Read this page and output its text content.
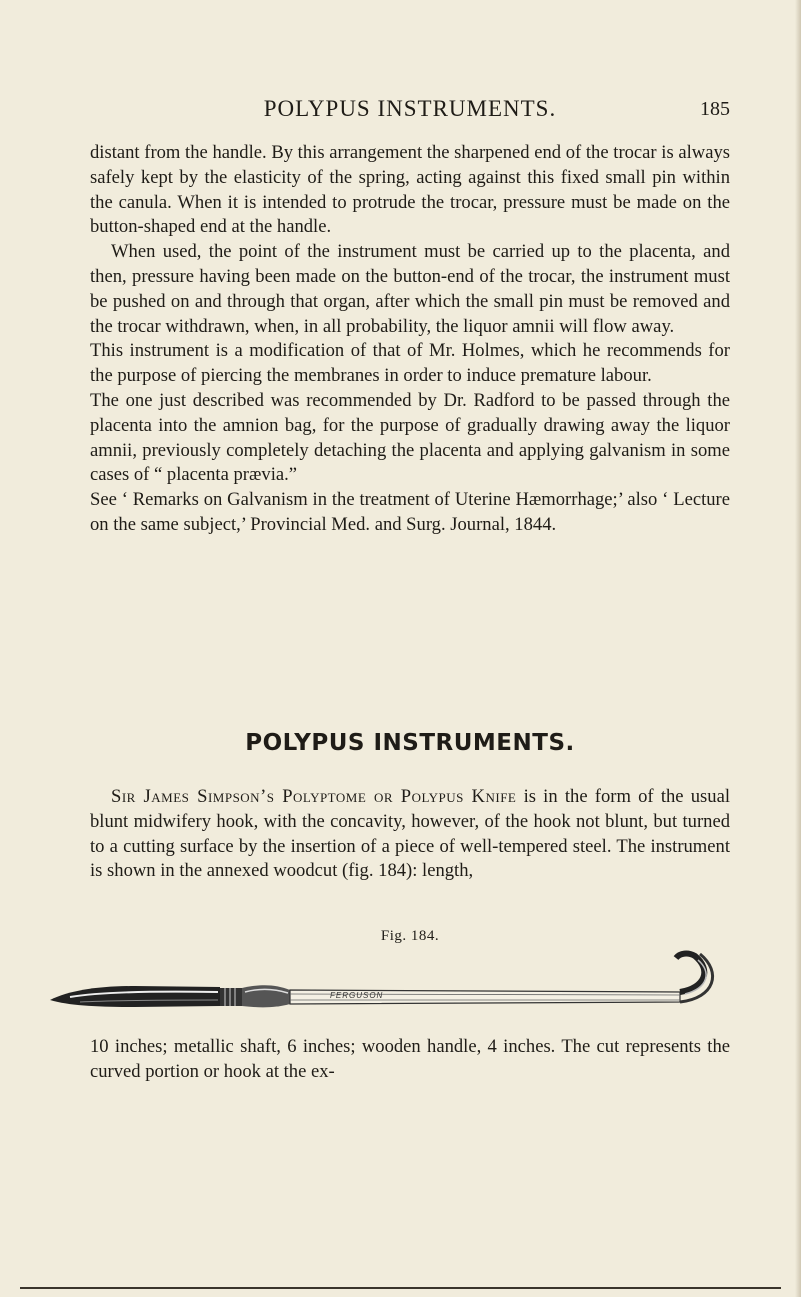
POLYPUS INSTRUMENTS.	185

distant from the handle. By this arrangement the sharpened end of the trocar is always safely kept by the elasticity of the spring, acting against this fixed small pin within the canula. When it is intended to protrude the trocar, pressure must be made on the button-shaped end at the handle.

When used, the point of the instrument must be carried up to the placenta, and then, pressure having been made on the button-end of the trocar, the instrument must be pushed on and through that organ, after which the small pin must be removed and the trocar withdrawn, when, in all probability, the liquor amnii will flow away.

This instrument is a modification of that of Mr. Holmes, which he recommends for the purpose of piercing the membranes in order to induce premature labour.

The one just described was recommended by Dr. Radford to be passed through the placenta into the amnion bag, for the purpose of gradually drawing away the liquor amnii, previously completely detaching the placenta and applying galvanism in some cases of “ placenta prævia.”

See ‘ Remarks on Galvanism in the treatment of Uterine Hæmorrhage;’ also ‘ Lecture on the same subject,’ Provincial Med. and Surg. Journal, 1844.

POLYPUS INSTRUMENTS.

Sir James Simpson’s Polyptome or Polypus Knife is in the form of the usual blunt midwifery hook, with the concavity, however, of the hook not blunt, but turned to a cutting surface by the insertion of a piece of well-tempered steel. The instrument is shown in the annexed woodcut (fig. 184): length,

Fig. 184.
FERGUSON

10 inches; metallic shaft, 6 inches; wooden handle, 4 inches. The cut represents the curved portion or hook at the ex-
